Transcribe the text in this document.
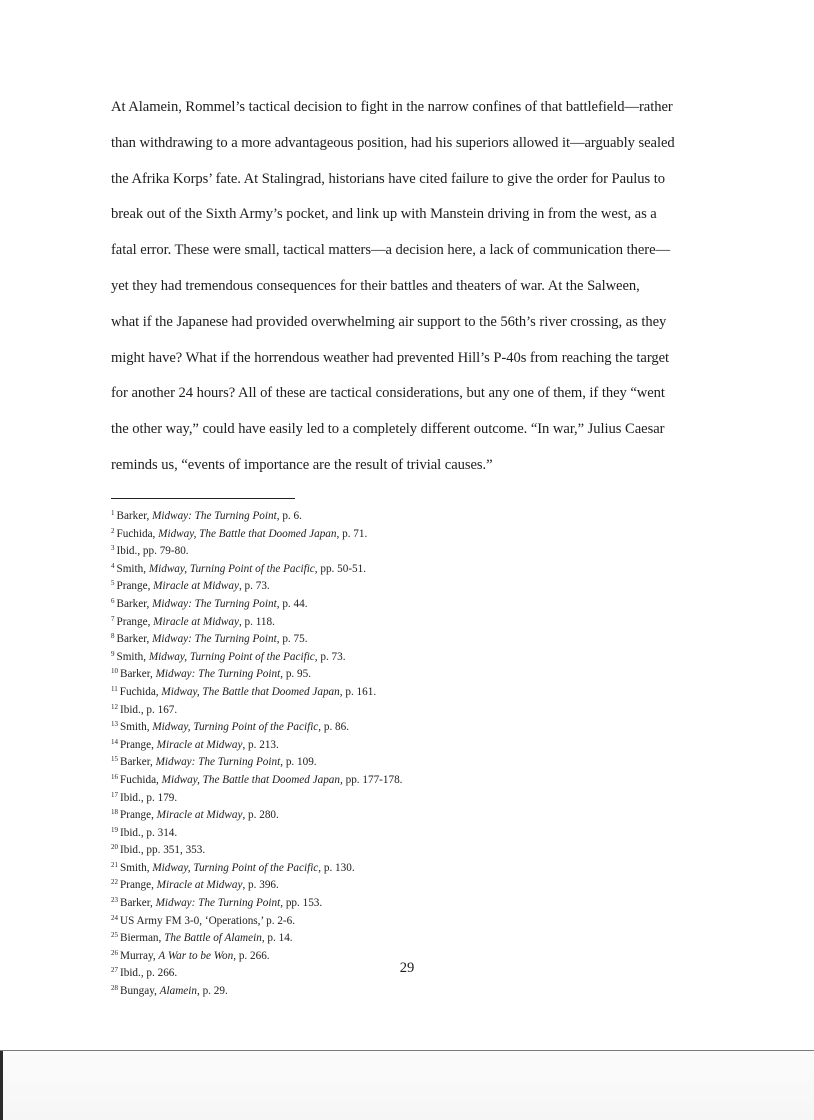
At Alamein, Rommel’s tactical decision to fight in the narrow confines of that battlefield—rather
than withdrawing to a more advantageous position, had his superiors allowed it—arguably sealed
the Afrika Korps’ fate. At Stalingrad, historians have cited failure to give the order for Paulus to
break out of the Sixth Army’s pocket, and link up with Manstein driving in from the west, as a
fatal error. These were small, tactical matters—a decision here, a lack of communication there—
yet they had tremendous consequences for their battles and theaters of war. At the Salween,
what if the Japanese had provided overwhelming air support to the 56th’s river crossing, as they
might have? What if the horrendous weather had prevented Hill’s P-40s from reaching the target
for another 24 hours? All of these are tactical considerations, but any one of them, if they “went
the other way,” could have easily led to a completely different outcome. “In war,” Julius Caesar
reminds us, “events of importance are the result of trivial causes.”
$^1$ Barker, Midway: The Turning Point, p. 6.
$^2$ Fuchida, Midway, The Battle that Doomed Japan, p. 71.
$^3$ Ibid., pp. 79-80.
$^4$ Smith, Midway, Turning Point of the Pacific, pp. 50-51.
$^5$ Prange, Miracle at Midway, p. 73.
$^6$ Barker, Midway: The Turning Point, p. 44.
$^7$ Prange, Miracle at Midway, p. 118.
$^8$ Barker, Midway: The Turning Point, p. 75.
$^9$ Smith, Midway, Turning Point of the Pacific, p. 73.
$^{10}$ Barker, Midway: The Turning Point, p. 95.
$^{11}$ Fuchida, Midway, The Battle that Doomed Japan, p. 161.
$^{12}$ Ibid., p. 167.
$^{13}$ Smith, Midway, Turning Point of the Pacific, p. 86.
$^{14}$ Prange, Miracle at Midway, p. 213.
$^{15}$ Barker, Midway: The Turning Point, p. 109.
$^{16}$ Fuchida, Midway, The Battle that Doomed Japan, pp. 177-178.
$^{17}$ Ibid., p. 179.
$^{18}$ Prange, Miracle at Midway, p. 280.
$^{19}$ Ibid., p. 314.
$^{20}$ Ibid., pp. 351, 353.
$^{21}$ Smith, Midway, Turning Point of the Pacific, p. 130.
$^{22}$ Prange, Miracle at Midway, p. 396.
$^{23}$ Barker, Midway: The Turning Point, pp. 153.
$^{24}$ US Army FM 3-0, ‘Operations,’ p. 2-6.
$^{25}$ Bierman, The Battle of Alamein, p. 14.
$^{26}$ Murray, A War to be Won, p. 266.
$^{27}$ Ibid., p. 266.
$^{28}$ Bungay, Alamein, p. 29.
29
